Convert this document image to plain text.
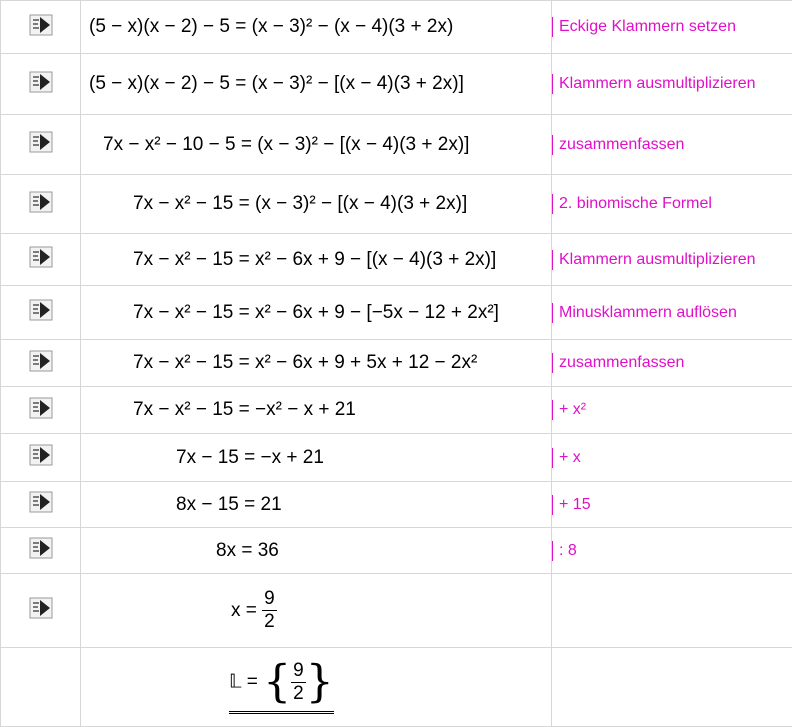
	(5 − x)(x − 2) − 5 = (x − 3)² − (x − 4)(3 + 2x)	Eckige Klammern setzen
	(5 − x)(x − 2) − 5 = (x − 3)² − [(x − 4)(3 + 2x)]	Klammern ausmultiplizieren
	7x − x² − 10 − 5 = (x − 3)² − [(x − 4)(3 + 2x)]	zusammenfassen
	7x − x² − 15 = (x − 3)² − [(x − 4)(3 + 2x)]	2. binomische Formel
	7x − x² − 15 = x² − 6x + 9 − [(x − 4)(3 + 2x)]	Klammern ausmultiplizieren
	7x − x² − 15 = x² − 6x + 9 − [−5x − 12 + 2x²]	Minusklammern auflösen
	7x − x² − 15 = x² − 6x + 9 + 5x + 12 − 2x²	zusammenfassen
	7x − x² − 15 = −x² − x + 21	+ x²
	7x − 15 = −x + 21	+ x
	8x − 15 = 21	+ 15
	8x = 36	: 8
	$x = \frac{9}{2}$

	𝕃 = { $\frac{9}{2}$ }	
